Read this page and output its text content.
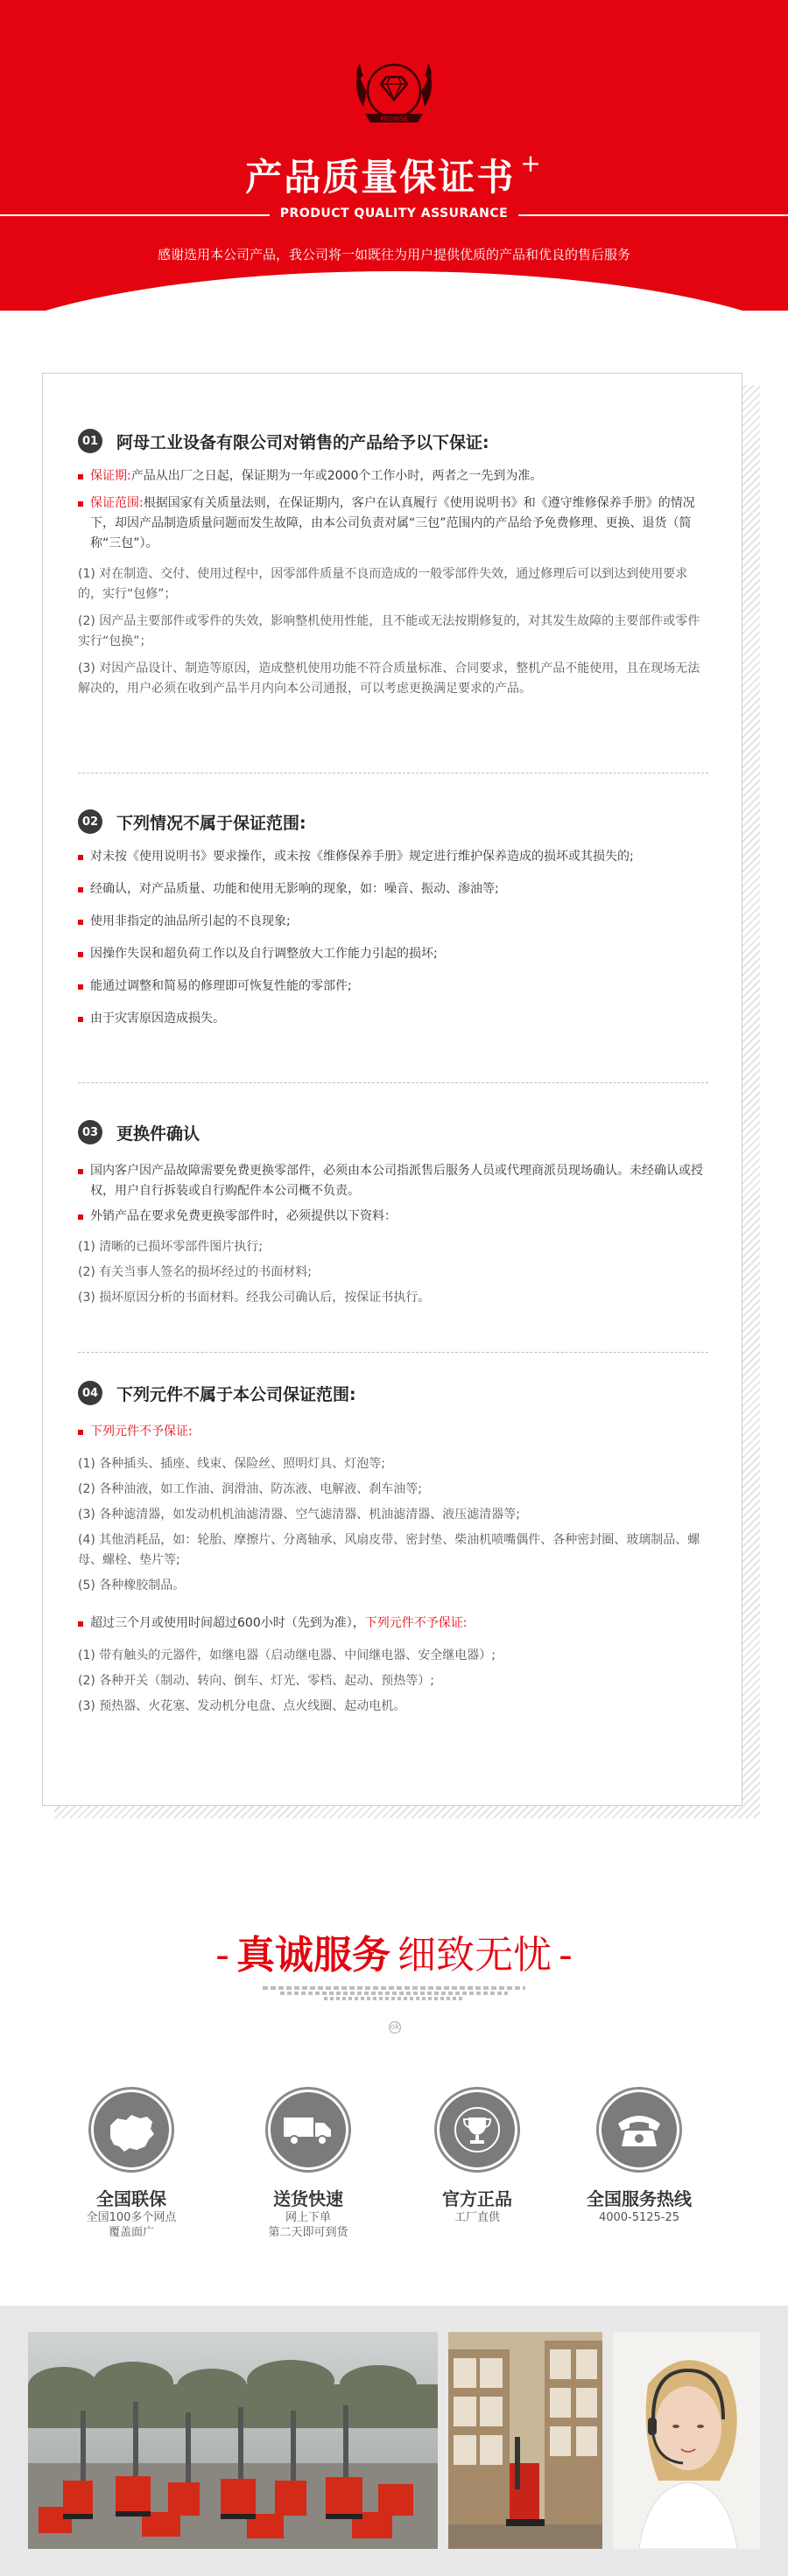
PROMISE
产品质量保证书 +
PRODUCT QUALITY ASSURANCE
感谢选用本公司产品，我公司将一如既往为用户提供优质的产品和优良的售后服务
01 阿母工业设备有限公司对销售的产品给予以下保证:
保证期:产品从出厂之日起，保证期为一年或2000个工作小时，两者之一先到为准。
保证范围:根据国家有关质量法则，在保证期内，客户在认真履行《使用说明书》和《遵守维修保养手册》的情况下，却因产品制造质量问题而发生故障，由本公司负责对属“三包”范围内的产品给予免费修理、更换、退货（简称“三包”）。
(1) 对在制造、交付、使用过程中，因零部件质量不良而造成的一般零部件失效，通过修理后可以到达到使用要求的，实行“包修”；
(2) 因产品主要部件或零件的失效，影响整机使用性能，且不能或无法按期修复的，对其发生故障的主要部件或零件实行“包换”；
(3) 对因产品设计、制造等原因，造成整机使用功能不符合质量标准、合同要求，整机产品不能使用，且在现场无法解决的，用户必须在收到产品半月内向本公司通报，可以考虑更换满足要求的产品。
02 下列情况不属于保证范围:
对未按《使用说明书》要求操作，或未按《维修保养手册》规定进行维护保养造成的损坏或其损失的;
经确认，对产品质量、功能和使用无影响的现象，如：噪音、振动、渗油等;
使用非指定的油品所引起的不良现象;
因操作失误和超负荷工作以及自行调整放大工作能力引起的损坏;
能通过调整和简易的修理即可恢复性能的零部件;
由于灾害原因造成损失。
03 更换件确认
国内客户因产品故障需要免费更换零部件，必须由本公司指派售后服务人员或代理商派员现场确认。未经确认或授权，用户自行拆装或自行购配件本公司概不负责。
外销产品在要求免费更换零部件时，必须提供以下资料：
(1) 清晰的已损坏零部件图片执行;
(2) 有关当事人签名的损坏经过的书面材料;
(3) 损坏原因分析的书面材料。经我公司确认后，按保证书执行。
04 下列元件不属于本公司保证范围:
下列元件不予保证:
(1) 各种插头、插座、线束、保险丝、照明灯具、灯泡等;
(2) 各种油液，如工作油、润滑油、防冻液、电解液、刹车油等;
(3) 各种滤清器，如发动机机油滤清器、空气滤清器、机油滤清器、液压滤清器等;
(4) 其他消耗品，如：轮胎、摩擦片、分离轴承、风扇皮带、密封垫、柴油机喷嘴偶件、各种密封圈、玻璃制品、螺母、螺栓、垫片等;
(5) 各种橡胶制品。
超过三个月或使用时间超过600小时（先到为准），下列元件不予保证:
(1) 带有触头的元器件，如继电器（启动继电器、中间继电器、安全继电器）;
(2) 各种开关（制动、转向、倒车、灯光、零档、起动、预热等）;
(3) 预热器、火花塞、发动机分电盘、点火线圈、起动电机。
- 真诚服务 细致无忧 -
ok
全国联保
全国100多个网点
覆盖面广
送货快速
网上下单
第二天即可到货
官方正品
工厂直供
全国服务热线
4000-5125-25
